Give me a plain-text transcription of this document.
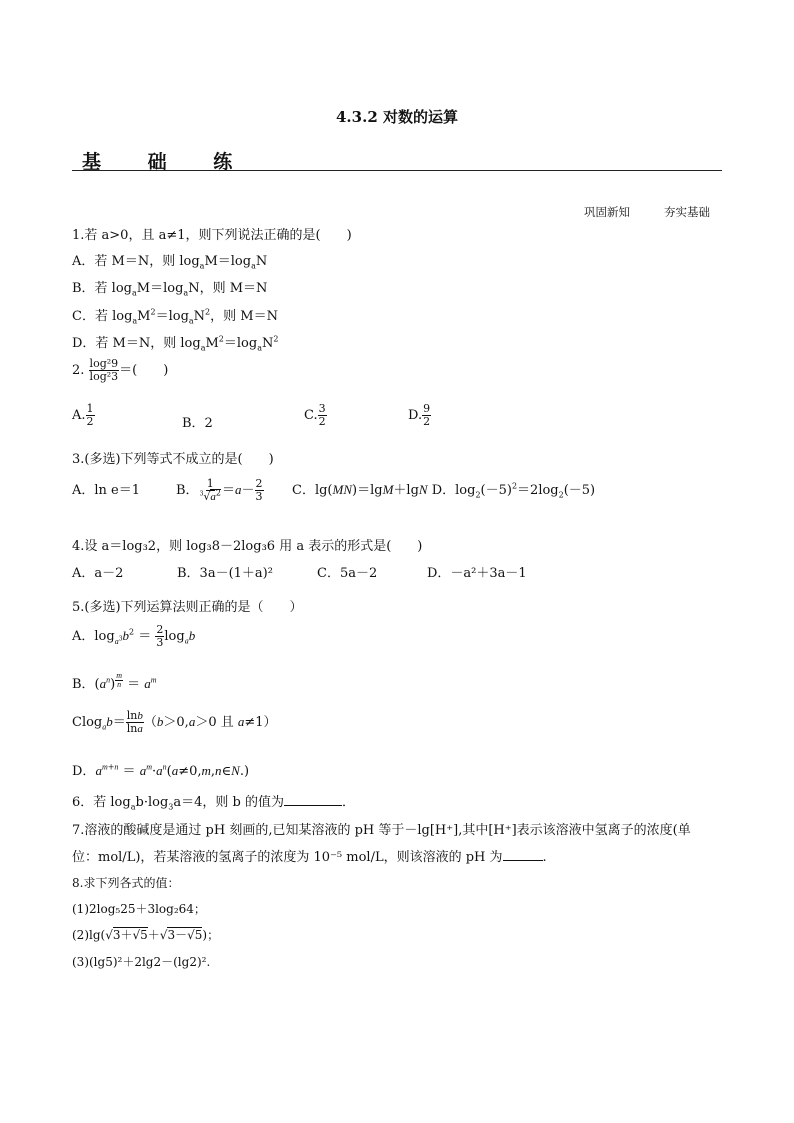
4.3.2 对数的运算
基 础 练
巩固新知	夯实基础
1.若 a>0，且 a≠1，则下列说法正确的是(　　)
A．若 M＝N，则 $\log_aM=\log_aN$
B．若 $\log_aM=\log_aN$，则 M＝N
C．若 $\log_aM^2=\log_aN^2$，则 M＝N
D．若 M＝N，则 $\log_aM^2=\log_aN^2$
2. $\frac{\text{log²9}}{\text{log²3}}$ ＝(　　)
A. $\frac{1}{2}$	B．2
C. $\frac{3}{2}$	D. $\frac{9}{2}$
3.(多选)下列等式不成立的是(　　)
A．ln e＝1	B． $\frac{1}{^3√a^2} =a- \frac{2}{3}$ C．lg(MN)＝lgM＋lgN D．$\log_2(-5)^2=2\log_2(-5)$
4.设 a＝log₃2，则 log₃8－2log₃6 用 a 表示的形式是(　　)
A．a－2	B．3a－(1＋a)²	C．5a－2	D．－a²＋3a－1
5.(多选)下列运算法则正确的是（　　）
A．$\log_{a^3}b^2 = \frac{2}{3} \log_ab$
B．$(a^n) ^{\frac{m}{n}} = a^m$
$Clog_ab= \frac{\ln b}{\ln a} (b>0,a>0$ 且 a≠1）
D．$a^{m+n}$ ＝ $a^m\cdot a^n(a\ne 0,m,n\in N.)$
6．若 $\log_ab\cdot\log_3a=4$，则 b 的值为	．
7.溶液的酸碱度是通过 pH 刻画的,已知某溶液的 pH 等于－lg[H⁺],其中[H⁺]表示该溶液中氢离子的浓度(单
位：mol/L)，若某溶液的氢离子的浓度为 10⁻⁵ mol/L，则该溶液的 pH 为	.
8.求下列各式的值：
(1)2log₅25＋3log₂64；
(2)lg(√3＋√5＋√3－√5)；
(3)(lg5)²＋2lg2－(lg2)².
